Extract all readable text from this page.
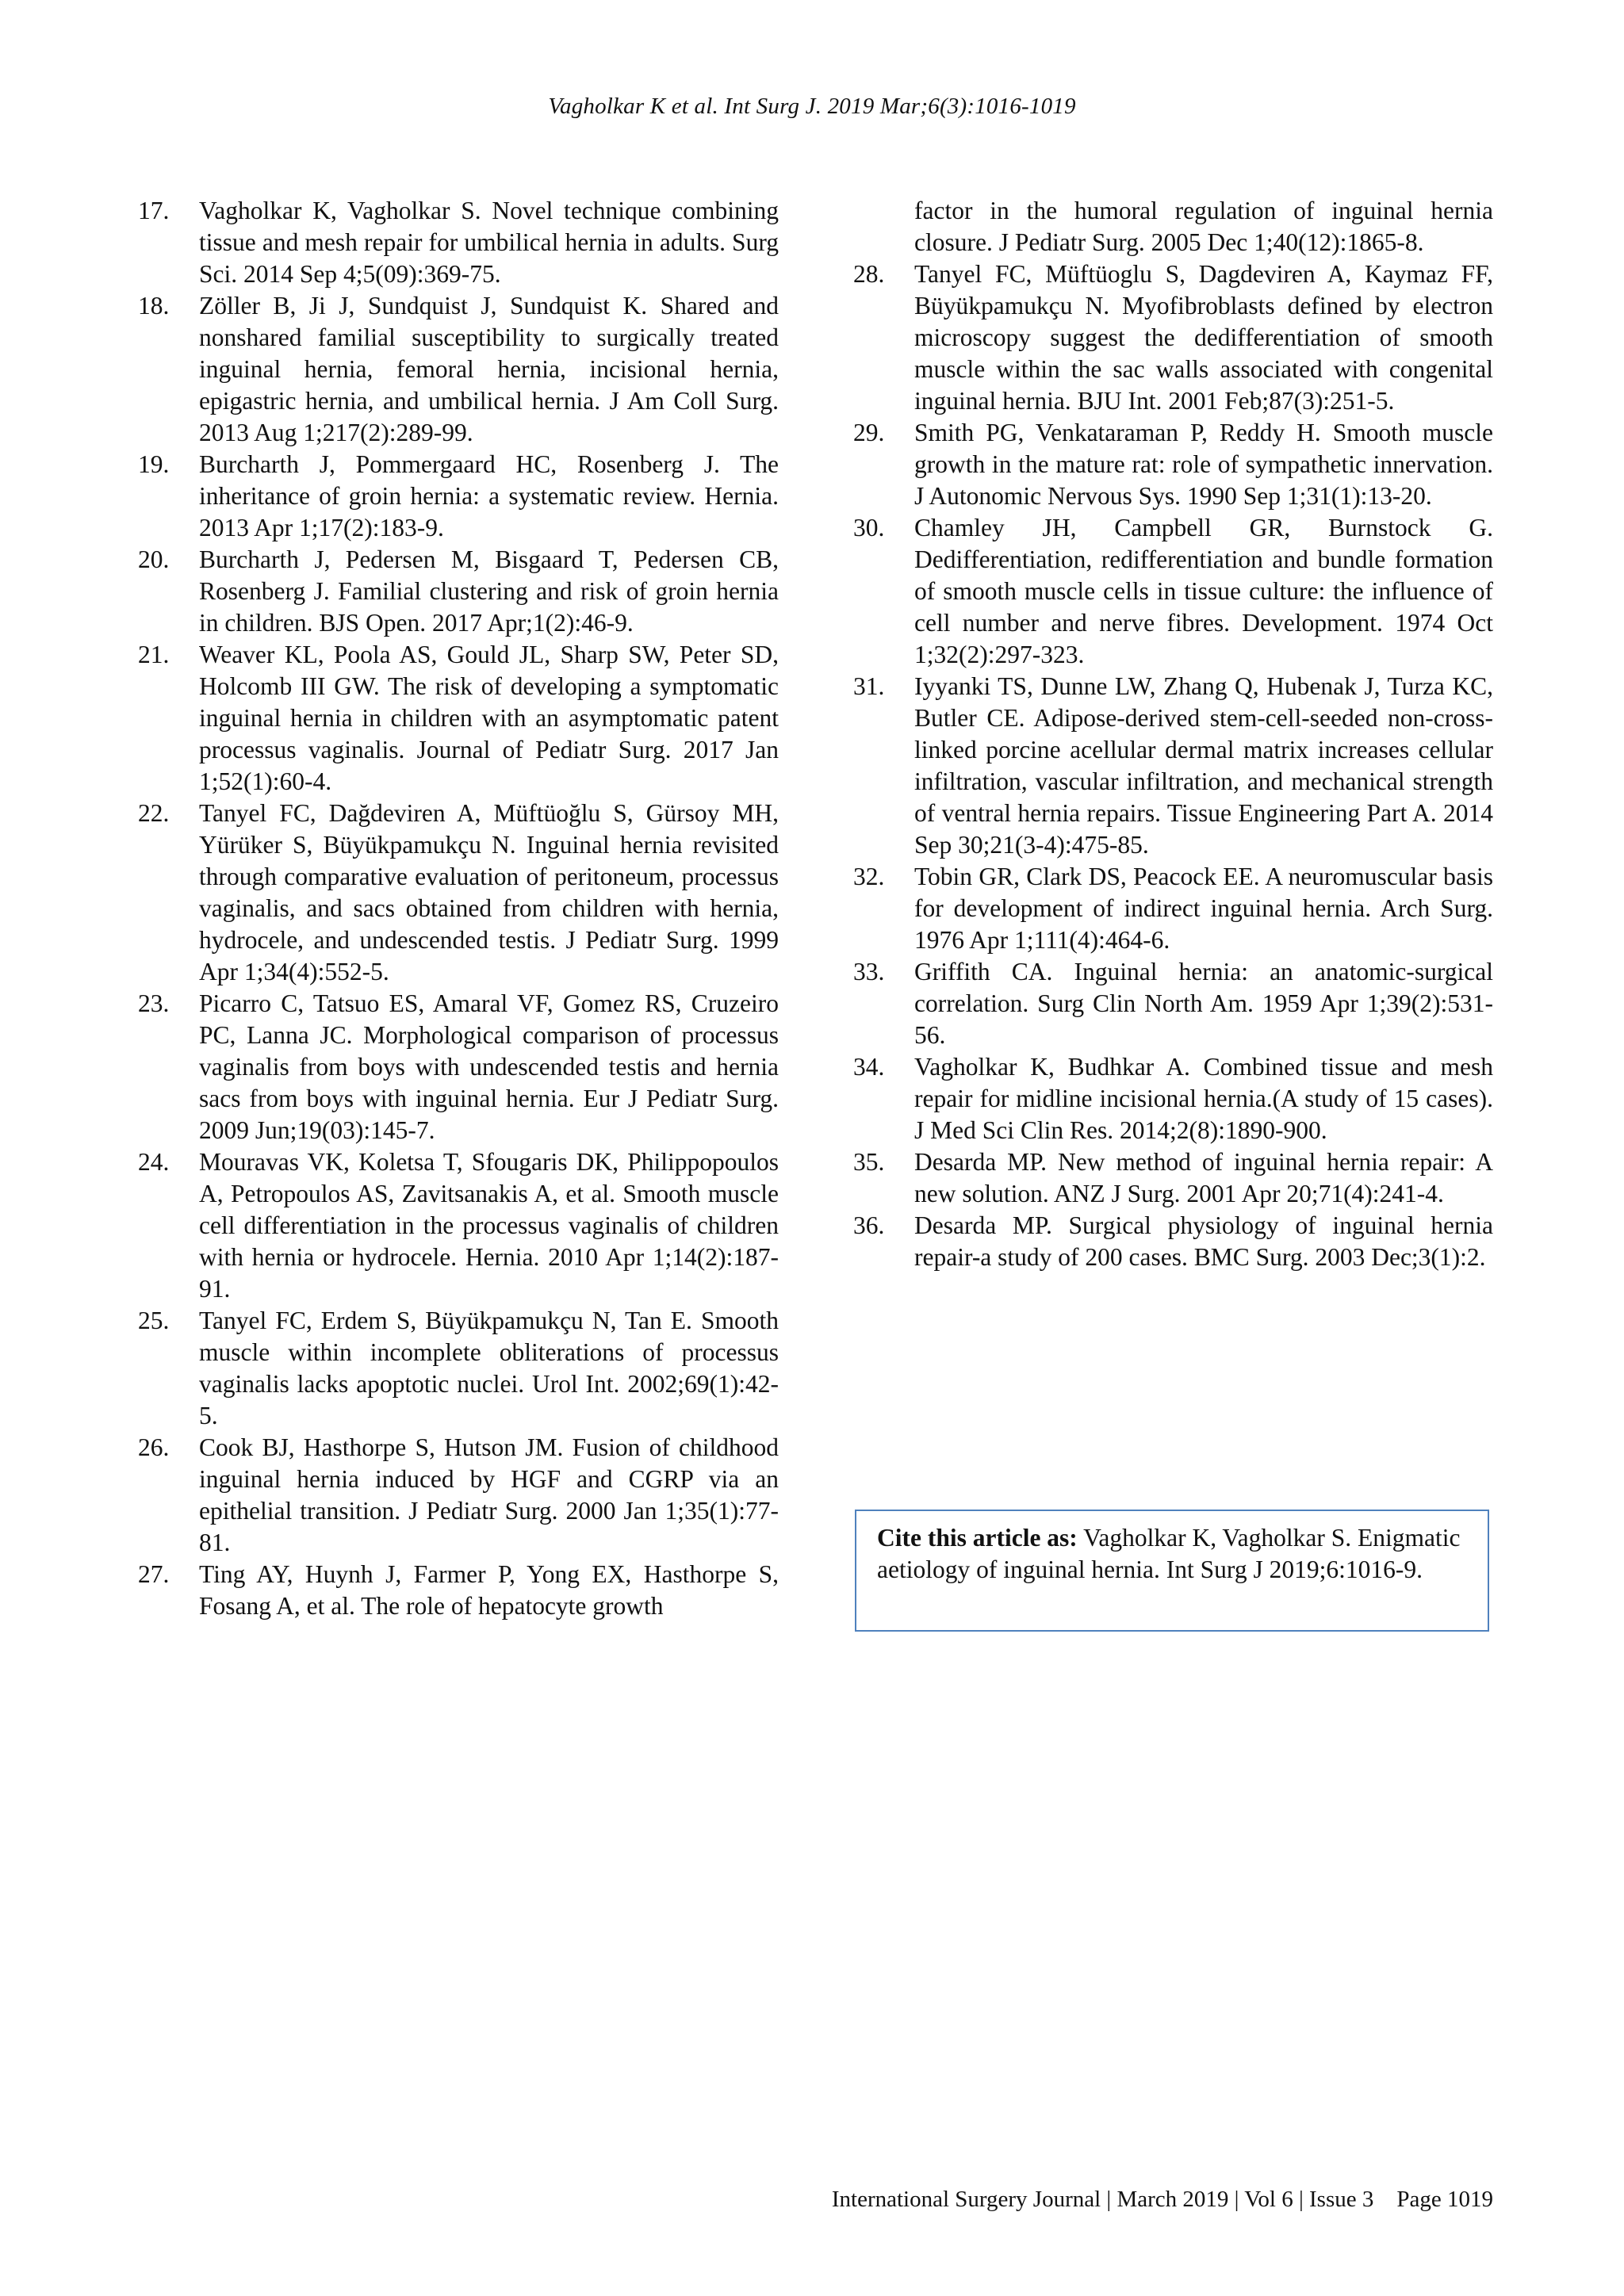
Vagholkar K et al. Int Surg J. 2019 Mar;6(3):1016-1019
17.	Vagholkar K, Vagholkar S. Novel technique combining tissue and mesh repair for umbilical hernia in adults. Surg Sci. 2014 Sep 4;5(09):369-75.
18.	Zöller B, Ji J, Sundquist J, Sundquist K. Shared and nonshared familial susceptibility to surgically treated inguinal hernia, femoral hernia, incisional hernia, epigastric hernia, and umbilical hernia. J Am Coll Surg. 2013 Aug 1;217(2):289-99.
19.	Burcharth J, Pommergaard HC, Rosenberg J. The inheritance of groin hernia: a systematic review. Hernia. 2013 Apr 1;17(2):183-9.
20.	Burcharth J, Pedersen M, Bisgaard T, Pedersen CB, Rosenberg J. Familial clustering and risk of groin hernia in children. BJS Open. 2017 Apr;1(2):46-9.
21.	Weaver KL, Poola AS, Gould JL, Sharp SW, Peter SD, Holcomb III GW. The risk of developing a symptomatic inguinal hernia in children with an asymptomatic patent processus vaginalis. Journal of Pediatr Surg. 2017 Jan 1;52(1):60-4.
22.	Tanyel FC, Dağdeviren A, Müftüoğlu S, Gürsoy MH, Yürüker S, Büyükpamukçu N. Inguinal hernia revisited through comparative evaluation of peritoneum, processus vaginalis, and sacs obtained from children with hernia, hydrocele, and undescended testis. J Pediatr Surg. 1999 Apr 1;34(4):552-5.
23.	Picarro C, Tatsuo ES, Amaral VF, Gomez RS, Cruzeiro PC, Lanna JC. Morphological comparison of processus vaginalis from boys with undescended testis and hernia sacs from boys with inguinal hernia. Eur J Pediatr Surg. 2009 Jun;19(03):145-7.
24.	Mouravas VK, Koletsa T, Sfougaris DK, Philippopoulos A, Petropoulos AS, Zavitsanakis A, et al. Smooth muscle cell differentiation in the processus vaginalis of children with hernia or hydrocele. Hernia. 2010 Apr 1;14(2):187-91.
25.	Tanyel FC, Erdem S, Büyükpamukçu N, Tan E. Smooth muscle within incomplete obliterations of processus vaginalis lacks apoptotic nuclei. Urol Int. 2002;69(1):42-5.
26.	Cook BJ, Hasthorpe S, Hutson JM. Fusion of childhood inguinal hernia induced by HGF and CGRP via an epithelial transition. J Pediatr Surg. 2000 Jan 1;35(1):77-81.
27.	Ting AY, Huynh J, Farmer P, Yong EX, Hasthorpe S, Fosang A, et al. The role of hepatocyte growth
factor in the humoral regulation of inguinal hernia closure. J Pediatr Surg. 2005 Dec 1;40(12):1865-8.
28.	Tanyel FC, Müftüoglu S, Dagdeviren A, Kaymaz FF, Büyükpamukçu N. Myofibroblasts defined by electron microscopy suggest the dedifferentiation of smooth muscle within the sac walls associated with congenital inguinal hernia. BJU Int. 2001 Feb;87(3):251-5.
29.	Smith PG, Venkataraman P, Reddy H. Smooth muscle growth in the mature rat: role of sympathetic innervation. J Autonomic Nervous Sys. 1990 Sep 1;31(1):13-20.
30.	Chamley JH, Campbell GR, Burnstock G. Dedifferentiation, redifferentiation and bundle formation of smooth muscle cells in tissue culture: the influence of cell number and nerve fibres. Development. 1974 Oct 1;32(2):297-323.
31.	Iyyanki TS, Dunne LW, Zhang Q, Hubenak J, Turza KC, Butler CE. Adipose-derived stem-cell-seeded non-cross-linked porcine acellular dermal matrix increases cellular infiltration, vascular infiltration, and mechanical strength of ventral hernia repairs. Tissue Engineering Part A. 2014 Sep 30;21(3-4):475-85.
32.	Tobin GR, Clark DS, Peacock EE. A neuromuscular basis for development of indirect inguinal hernia. Arch Surg. 1976 Apr 1;111(4):464-6.
33.	Griffith CA. Inguinal hernia: an anatomic-surgical correlation. Surg Clin North Am. 1959 Apr 1;39(2):531-56.
34.	Vagholkar K, Budhkar A. Combined tissue and mesh repair for midline incisional hernia.(A study of 15 cases). J Med Sci Clin Res. 2014;2(8):1890-900.
35.	Desarda MP. New method of inguinal hernia repair: A new solution. ANZ J Surg. 2001 Apr 20;71(4):241-4.
36.	Desarda MP. Surgical physiology of inguinal hernia repair-a study of 200 cases. BMC Surg. 2003 Dec;3(1):2.
Cite this article as: Vagholkar K, Vagholkar S. Enigmatic aetiology of inguinal hernia. Int Surg J 2019;6:1016-9.
International Surgery Journal | March 2019 | Vol 6 | Issue 3    Page 1019
